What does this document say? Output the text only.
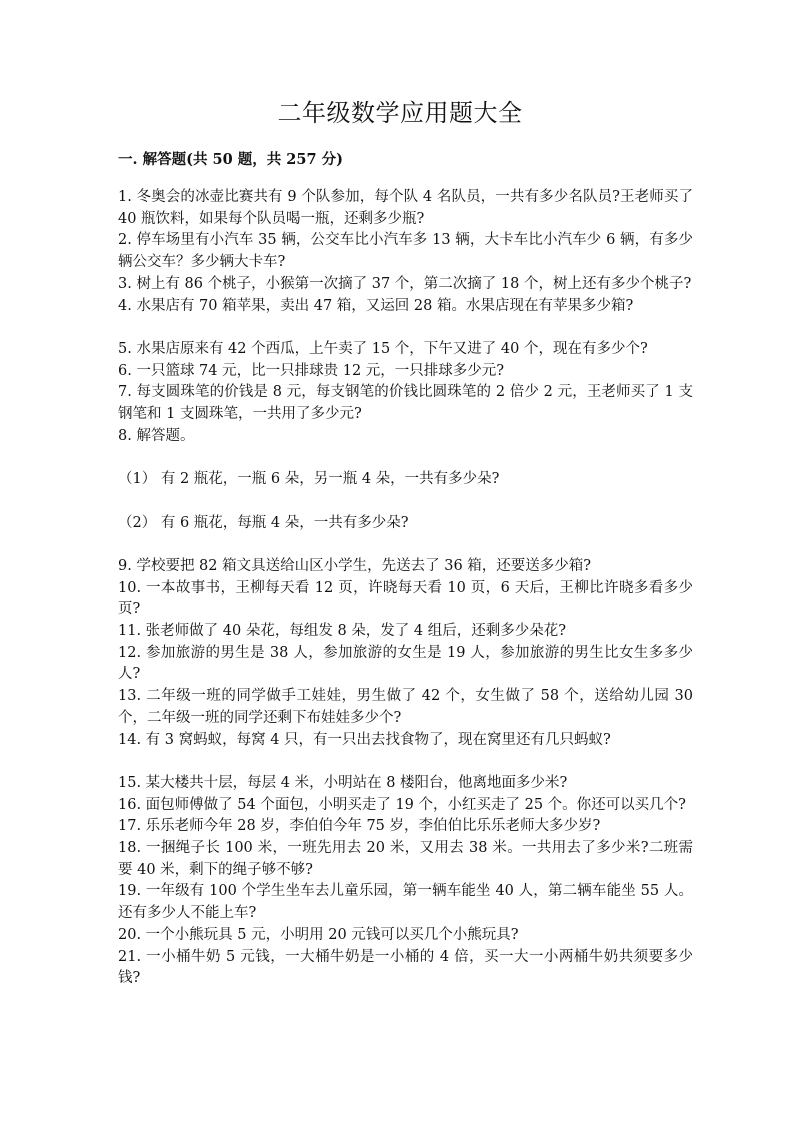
二年级数学应用题大全
一. 解答题(共 50 题，共 257 分)

1. 冬奥会的冰壶比赛共有 9 个队参加，每个队 4 名队员，一共有多少名队员?王老师买了 40 瓶饮料，如果每个队员喝一瓶，还剩多少瓶?

2. 停车场里有小汽车 35 辆，公交车比小汽车多 13 辆，大卡车比小汽车少 6 辆，有多少辆公交车？多少辆大卡车?

3. 树上有 86 个桃子，小猴第一次摘了 37 个，第二次摘了 18 个，树上还有多少个桃子?

4. 水果店有 70 箱苹果，卖出 47 箱，又运回 28 箱。水果店现在有苹果多少箱?

5. 水果店原来有 42 个西瓜，上午卖了 15 个，下午又进了 40 个，现在有多少个?

6. 一只篮球 74 元，比一只排球贵 12 元，一只排球多少元?

7. 每支圆珠笔的价钱是 8 元，每支钢笔的价钱比圆珠笔的 2 倍少 2 元，王老师买了 1 支钢笔和 1 支圆珠笔，一共用了多少元?

8. 解答题。

（1） 有 2 瓶花，一瓶 6 朵，另一瓶 4 朵，一共有多少朵?

（2） 有 6 瓶花，每瓶 4 朵，一共有多少朵?

9. 学校要把 82 箱文具送给山区小学生，先送去了 36 箱，还要送多少箱?

10. 一本故事书，王柳每天看 12 页，许晓每天看 10 页，6 天后，王柳比许晓多看多少页?

11. 张老师做了 40 朵花，每组发 8 朵，发了 4 组后，还剩多少朵花?

12. 参加旅游的男生是 38 人，参加旅游的女生是 19 人，参加旅游的男生比女生多多少人?

13. 二年级一班的同学做手工娃娃，男生做了 42 个，女生做了 58 个，送给幼儿园 30 个，二年级一班的同学还剩下布娃娃多少个?

14. 有 3 窝蚂蚁，每窝 4 只，有一只出去找食物了，现在窝里还有几只蚂蚁?

15. 某大楼共十层，每层 4 米，小明站在 8 楼阳台，他离地面多少米?

16. 面包师傅做了 54 个面包，小明买走了 19 个，小红买走了 25 个。你还可以买几个?

17. 乐乐老师今年 28 岁，李伯伯今年 75 岁，李伯伯比乐乐老师大多少岁?

18. 一捆绳子长 100 米，一班先用去 20 米，又用去 38 米。一共用去了多少米?二班需要 40 米，剩下的绳子够不够?

19. 一年级有 100 个学生坐车去儿童乐园，第一辆车能坐 40 人，第二辆车能坐 55 人。还有多少人不能上车?

20. 一个小熊玩具 5 元，小明用 20 元钱可以买几个小熊玩具?

21. 一小桶牛奶 5 元钱，一大桶牛奶是一小桶的 4 倍，买一大一小两桶牛奶共须要多少钱?
